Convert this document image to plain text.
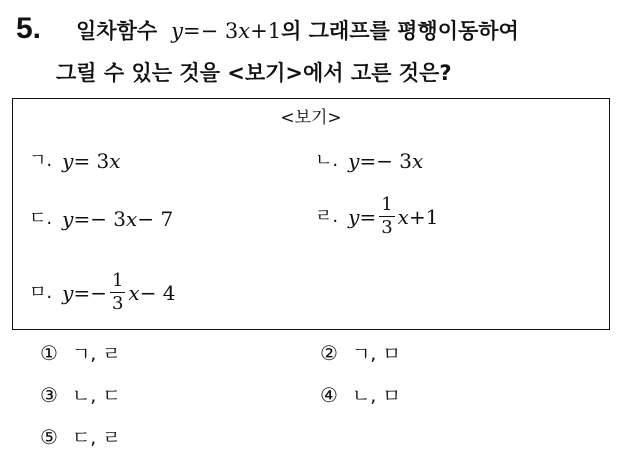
5. 일차함수 y=− 3x+1의 그래프를 평행이동하여
그릴 수 있는 것을 <보기>에서 고른 것은?
<보기>
ㄱ. y = 3 x	ㄴ. y =− 3 x
ㄷ. y =− 3 x − 7	ㄹ. $y = \frac{1}{3}$ x +1
ㅁ. $y =- \frac{1}{3}$ x − 4
① ㄱ, ㄹ	② ㄱ, ㅁ
③ ㄴ, ㄷ	④ ㄴ, ㅁ
⑤ ㄷ, ㄹ
